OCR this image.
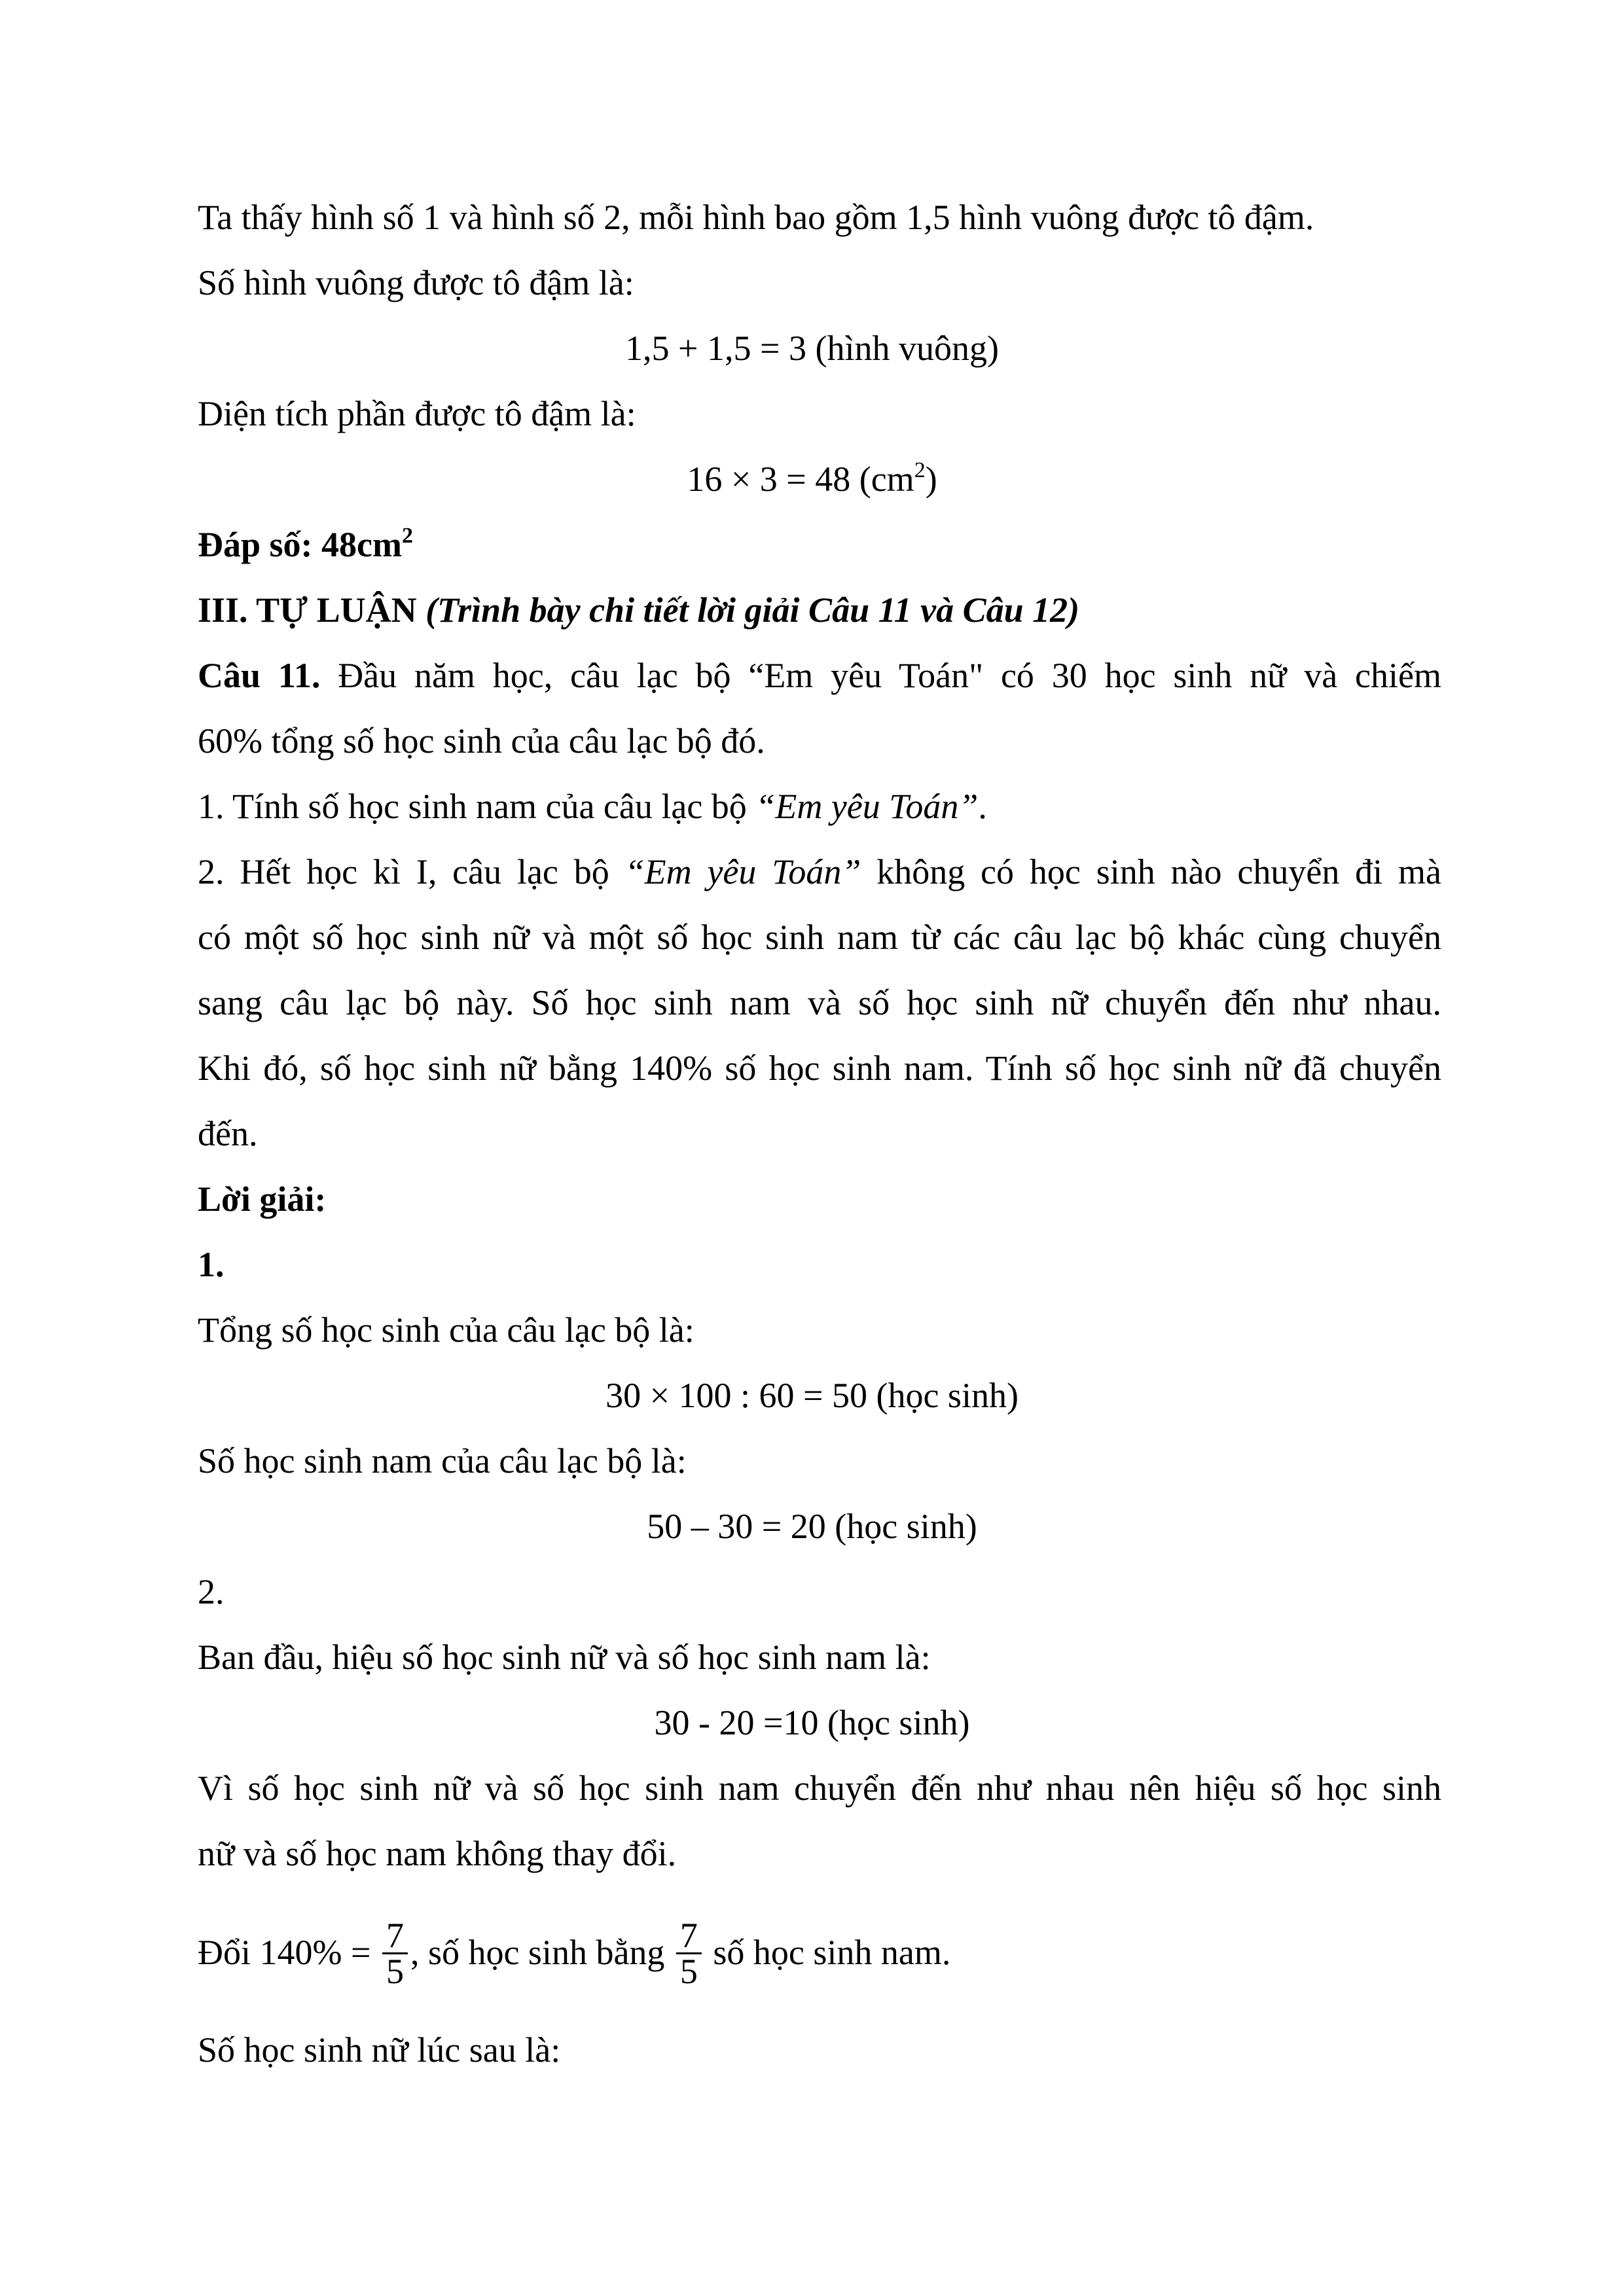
Ta thấy hình số 1 và hình số 2, mỗi hình bao gồm 1,5 hình vuông được tô đậm.
Số hình vuông được tô đậm là:
1,5 + 1,5 = 3 (hình vuông)
Diện tích phần được tô đậm là:
16 × 3 = 48 $(cm^2)$
Đáp số: $48cm^2$
III. TỰ LUẬN (Trình bày chi tiết lời giải Câu 11 và Câu 12)
Câu 11. Đầu năm học, câu lạc bộ “Em yêu Toán" có 30 học sinh nữ và chiếm
60% tổng số học sinh của câu lạc bộ đó.
1. Tính số học sinh nam của câu lạc bộ “Em yêu Toán”.
2. Hết học kì I, câu lạc bộ “Em yêu Toán” không có học sinh nào chuyển đi mà
có một số học sinh nữ và một số học sinh nam từ các câu lạc bộ khác cùng chuyển
sang câu lạc bộ này. Số học sinh nam và số học sinh nữ chuyển đến như nhau.
Khi đó, số học sinh nữ bằng 140% số học sinh nam. Tính số học sinh nữ đã chuyển
đến.
Lời giải:
1.
Tổng số học sinh của câu lạc bộ là:
30 × 100 : 60 = 50 (học sinh)
Số học sinh nam của câu lạc bộ là:
50 – 30 = 20 (học sinh)
2.
Ban đầu, hiệu số học sinh nữ và số học sinh nam là:
30 - 20 =10 (học sinh)
Vì số học sinh nữ và số học sinh nam chuyển đến như nhau nên hiệu số học sinh
nữ và số học nam không thay đổi.
Đổi $140\% = \frac{7}{5}$ , số học sinh bằng $\frac{7}{5}$ số học sinh nam.
Số học sinh nữ lúc sau là:
